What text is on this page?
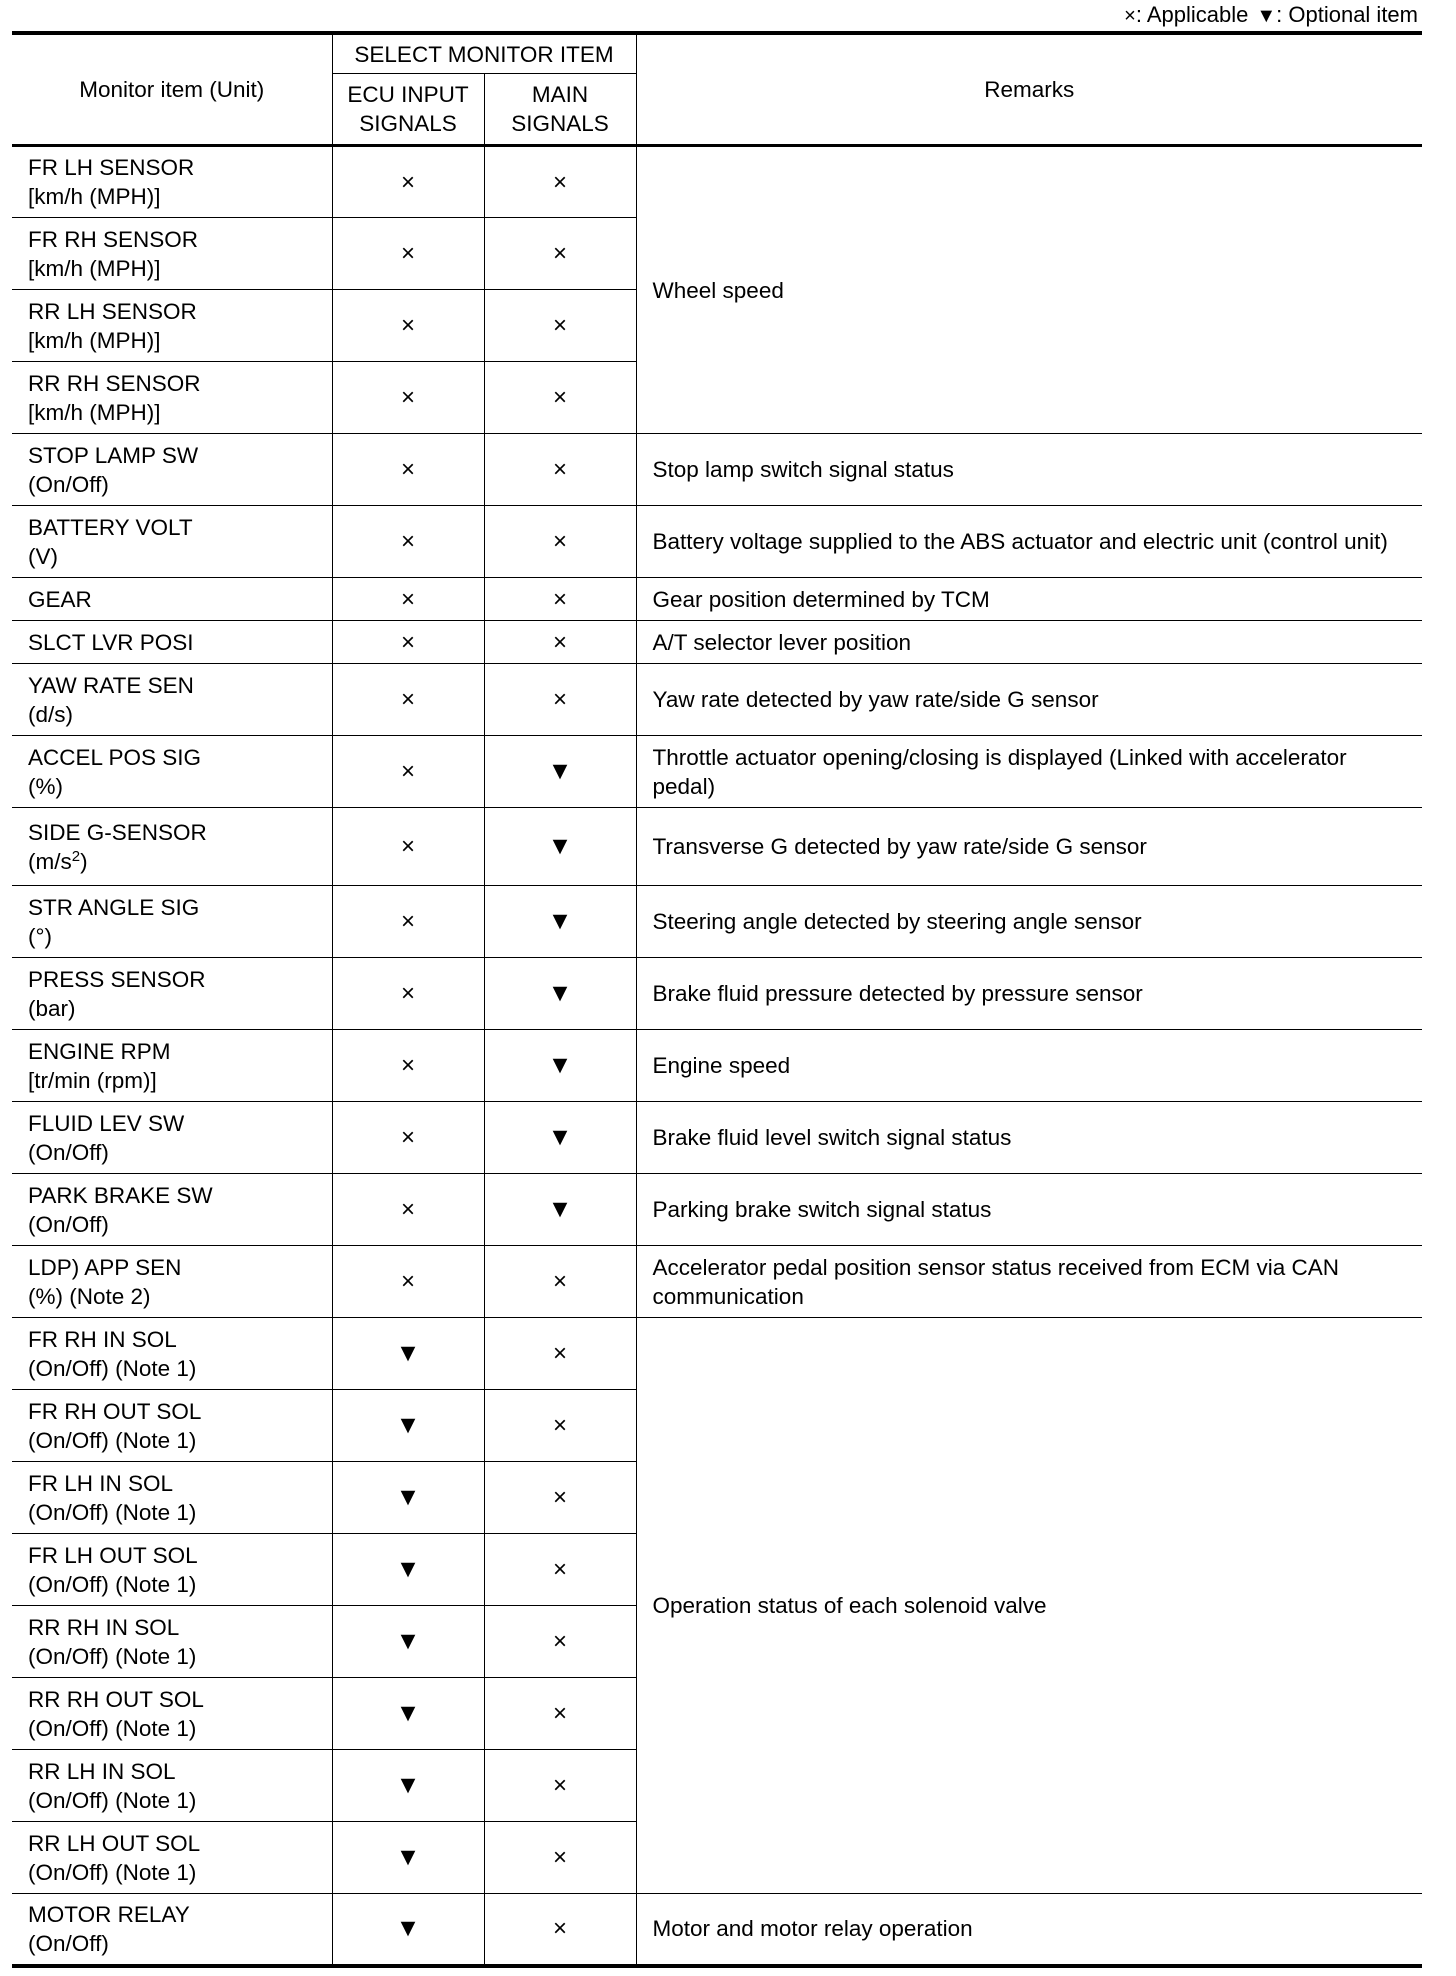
×: Applicable ▼: Optional item
Monitor item (Unit)	SELECT MONITOR ITEM		Remarks
	ECU INPUT SIGNALS	MAIN SIGNALS	
FR LH SENSOR
[km/h (MPH)]	×	×	Wheel speed
FR RH SENSOR
[km/h (MPH)]	×	×	
RR LH SENSOR
[km/h (MPH)]	×	×	
RR RH SENSOR
[km/h (MPH)]	×	×	
STOP LAMP SW
(On/Off)	×	×	Stop lamp switch signal status
BATTERY VOLT
(V)	×	×	Battery voltage supplied to the ABS actuator and electric unit (control unit)
GEAR	×	×	Gear position determined by TCM
SLCT LVR POSI	×	×	A/T selector lever position
YAW RATE SEN
(d/s)	×	×	Yaw rate detected by yaw rate/side G sensor
ACCEL POS SIG
(%)	×	▼	Throttle actuator opening/closing is displayed (Linked with accelerator pedal)
SIDE G-SENSOR
$(m/s^2)$	×	▼	Transverse G detected by yaw rate/side G sensor
STR ANGLE SIG
(°)	×	▼	Steering angle detected by steering angle sensor
PRESS SENSOR
(bar)	×	▼	Brake fluid pressure detected by pressure sensor
ENGINE RPM
[tr/min (rpm)]	×	▼	Engine speed
FLUID LEV SW
(On/Off)	×	▼	Brake fluid level switch signal status
PARK BRAKE SW
(On/Off)	×	▼	Parking brake switch signal status
LDP) APP SEN
(%) (Note 2)	×	×	Accelerator pedal position sensor status received from ECM via CAN communication
FR RH IN SOL
(On/Off) (Note 1)	▼	×	Operation status of each solenoid valve
FR RH OUT SOL
(On/Off) (Note 1)	▼	×	
FR LH IN SOL
(On/Off) (Note 1)	▼	×	
FR LH OUT SOL
(On/Off) (Note 1)	▼	×	
RR RH IN SOL
(On/Off) (Note 1)	▼	×	
RR RH OUT SOL
(On/Off) (Note 1)	▼	×	
RR LH IN SOL
(On/Off) (Note 1)	▼	×	
RR LH OUT SOL
(On/Off) (Note 1)	▼	×	
MOTOR RELAY
(On/Off)	▼	×	Motor and motor relay operation
